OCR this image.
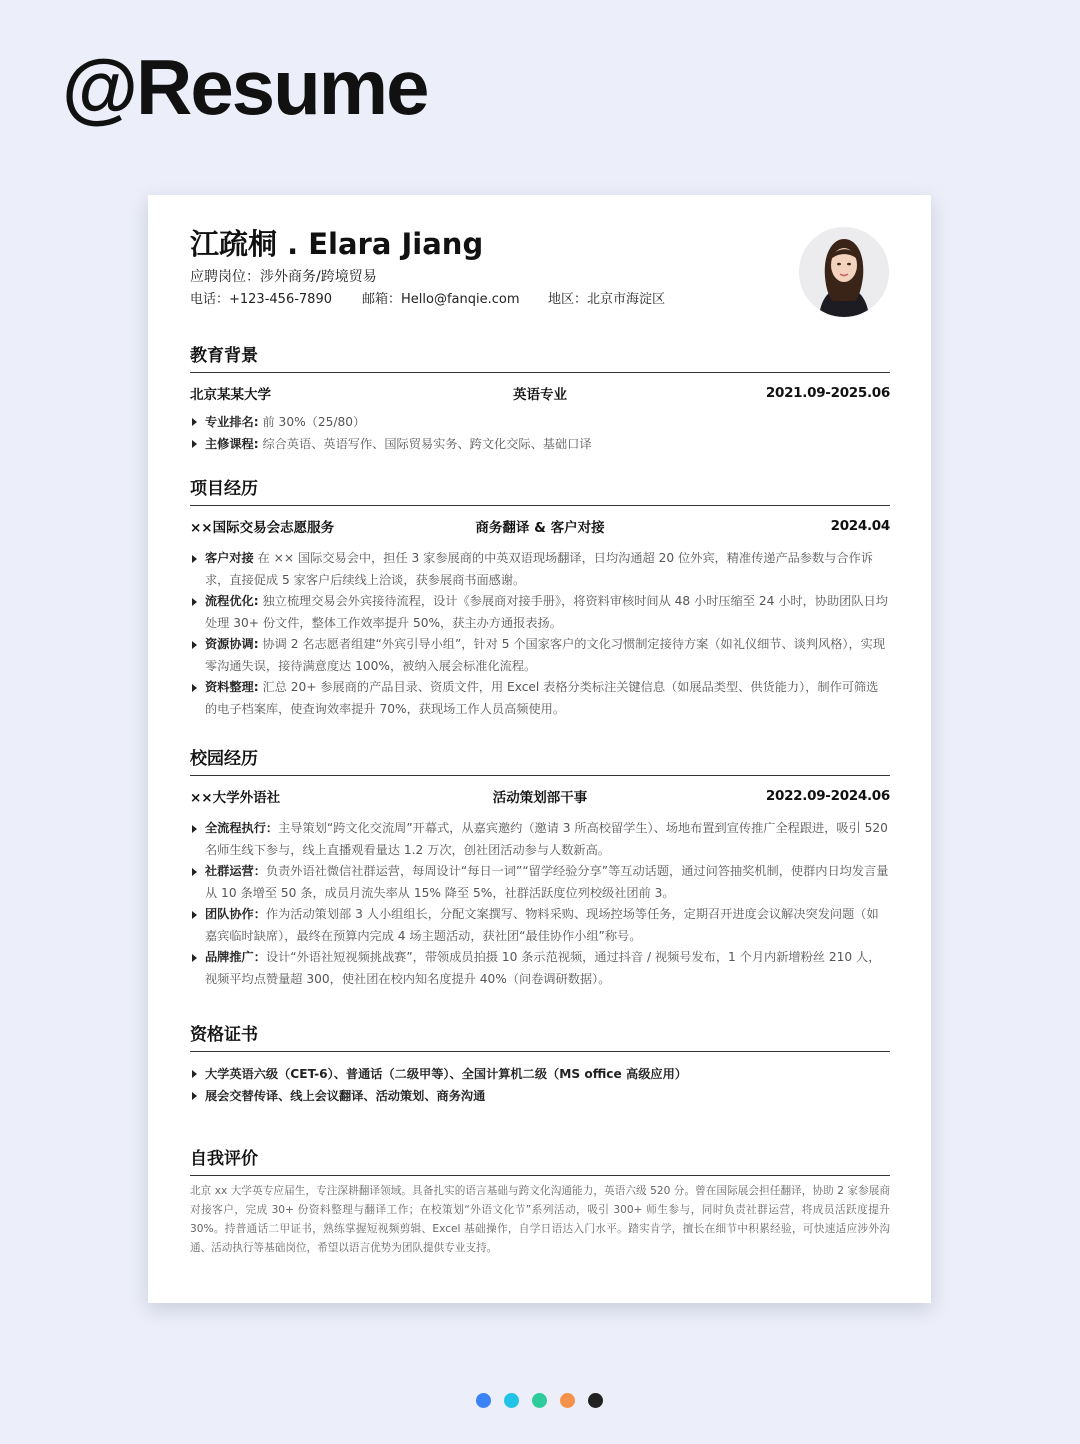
@Resume
江疏桐 . Elara Jiang
应聘岗位：涉外商务/跨境贸易
电话：+123-456-7890 邮箱：Hello@fanqie.com 地区：北京市海淀区
教育背景
北京某某大学	英语专业	2021.09-2025.06
专业排名: 前 30%（25/80）
主修课程: 综合英语、英语写作、国际贸易实务、跨文化交际、基础口译
项目经历
××国际交易会志愿服务	商务翻译 & 客户对接	2024.04
客户对接 在 ×× 国际交易会中，担任 3 家参展商的中英双语现场翻译，日均沟通超 20 位外宾，精准传递产品参数与合作诉求，直接促成 5 家客户后续线上洽谈，获参展商书面感谢。
流程优化: 独立梳理交易会外宾接待流程，设计《参展商对接手册》，将资料审核时间从 48 小时压缩至 24 小时，协助团队日均处理 30+ 份文件，整体工作效率提升 50%，获主办方通报表扬。
资源协调: 协调 2 名志愿者组建“外宾引导小组”，针对 5 个国家客户的文化习惯制定接待方案（如礼仪细节、谈判风格），实现零沟通失误，接待满意度达 100%，被纳入展会标准化流程。
资料整理: 汇总 20+ 参展商的产品目录、资质文件，用 Excel 表格分类标注关键信息（如展品类型、供货能力），制作可筛选的电子档案库，使查询效率提升 70%，获现场工作人员高频使用。
校园经历
××大学外语社	活动策划部干事	2022.09-2024.06
全流程执行：主导策划“跨文化交流周”开幕式，从嘉宾邀约（邀请 3 所高校留学生）、场地布置到宣传推广全程跟进，吸引 520 名师生线下参与，线上直播观看量达 1.2 万次，创社团活动参与人数新高。
社群运营：负责外语社微信社群运营，每周设计“每日一词”“留学经验分享”等互动话题，通过问答抽奖机制，使群内日均发言量从 10 条增至 50 条，成员月流失率从 15% 降至 5%，社群活跃度位列校级社团前 3。
团队协作：作为活动策划部 3 人小组组长，分配文案撰写、物料采购、现场控场等任务，定期召开进度会议解决突发问题（如嘉宾临时缺席），最终在预算内完成 4 场主题活动，获社团“最佳协作小组”称号。
品牌推广：设计“外语社短视频挑战赛”，带领成员拍摄 10 条示范视频，通过抖音 / 视频号发布，1 个月内新增粉丝 210 人，视频平均点赞量超 300，使社团在校内知名度提升 40%（问卷调研数据）。
资格证书
大学英语六级（CET-6）、普通话（二级甲等）、全国计算机二级（MS office 高级应用）
展会交替传译、线上会议翻译、活动策划、商务沟通
自我评价

北京 xx 大学英专应届生，专注深耕翻译领域。具备扎实的语言基础与跨文化沟通能力，英语六级 520 分。曾在国际展会担任翻译，协助 2 家参展商对接客户，完成 30+ 份资料整理与翻译工作；在校策划“外语文化节”系列活动，吸引 300+ 师生参与，同时负责社群运营，将成员活跃度提升 30%。持普通话二甲证书，熟练掌握短视频剪辑、Excel 基础操作，自学日语达入门水平。踏实肯学，擅长在细节中积累经验，可快速适应涉外沟通、活动执行等基础岗位，希望以语言优势为团队提供专业支持。
